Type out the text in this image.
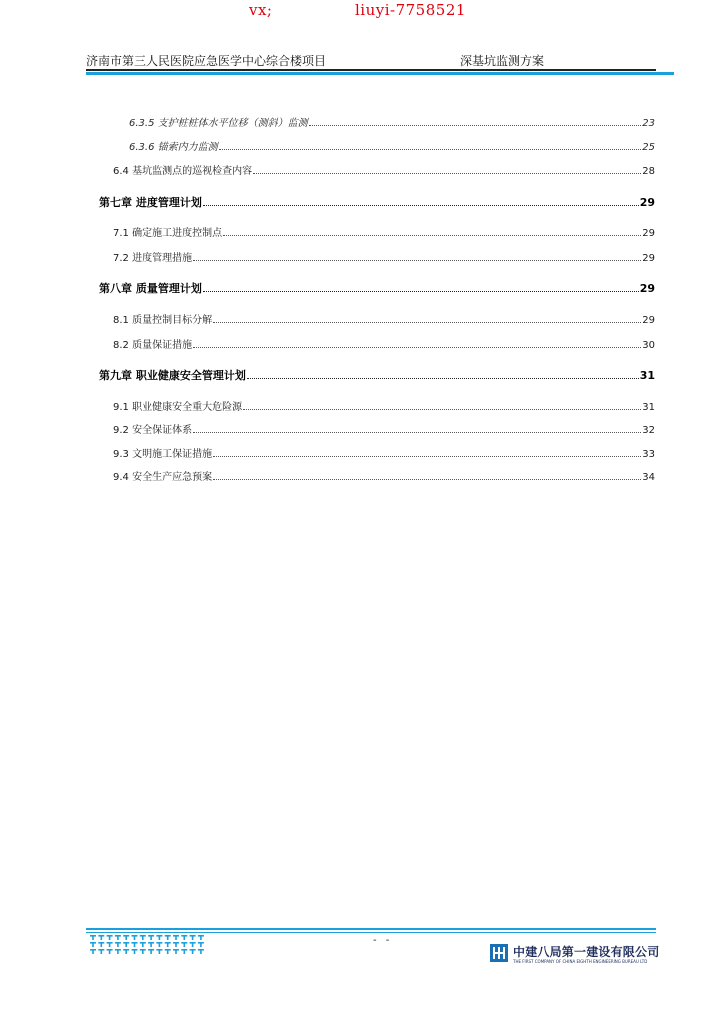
vx;	liuyi-7758521
济南市第三人民医院应急医学中心综合楼项目	深基坑监测方案
6.3.5 支护桩桩体水平位移（测斜）监测	23
6.3.6 锚索内力监测	25
6.4 基坑监测点的巡视检查内容	28
第七章 进度管理计划	29
7.1 确定施工进度控制点	29
7.2 进度管理措施	29
第八章 质量管理计划	29
8.1 质量控制目标分解	29
8.2 质量保证措施	30
第九章 职业健康安全管理计划	31
9.1 职业健康安全重大危险源	31
9.2 安全保证体系	32
9.3 文明施工保证措施	33
9.4 安全生产应急预案	34
- -
中建八局第一建设有限公司
THE FIRST COMPANY OF CHINA EIGHTH ENGINEERING BUREAU LTD
